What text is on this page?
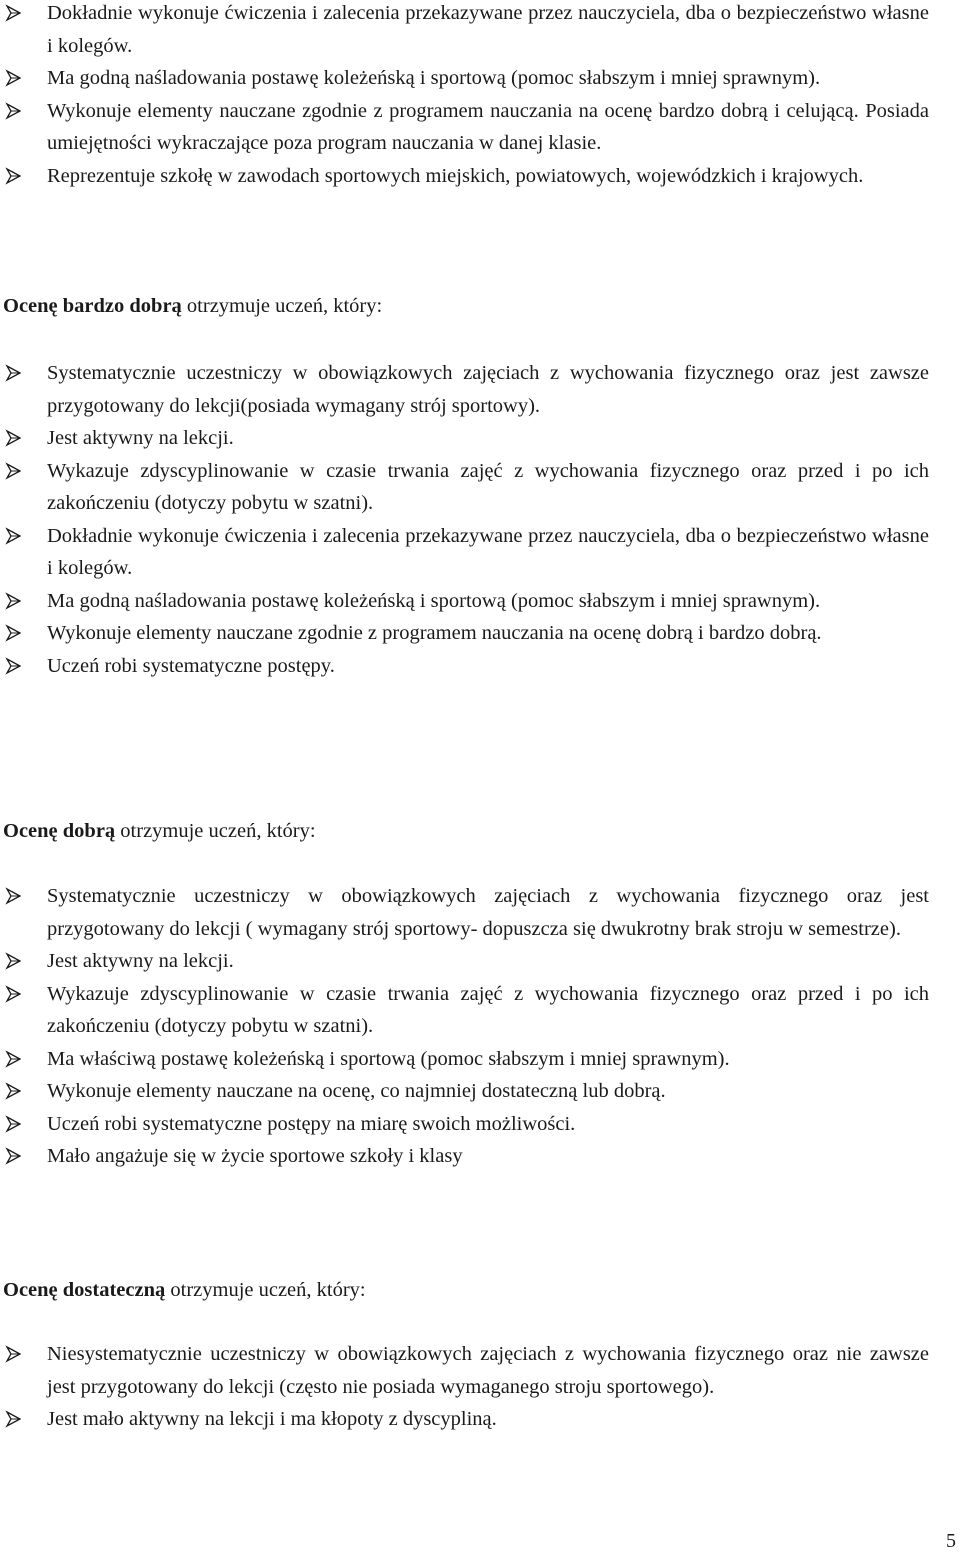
Dokładnie wykonuje ćwiczenia i zalecenia przekazywane przez nauczyciela, dba o bezpieczeństwo własne i kolegów.
Ma godną naśladowania postawę koleżeńską i sportową (pomoc słabszym i mniej sprawnym).
Wykonuje elementy nauczane zgodnie z programem nauczania na ocenę bardzo dobrą i celującą. Posiada umiejętności wykraczające poza program nauczania w danej klasie.
Reprezentuje szkołę w zawodach sportowych miejskich, powiatowych, wojewódzkich i krajowych.

Ocenę bardzo dobrą otrzymuje uczeń, który:

Systematycznie uczestniczy w obowiązkowych zajęciach z wychowania fizycznego oraz jest zawsze przygotowany do lekcji(posiada wymagany strój sportowy).
Jest aktywny na lekcji.
Wykazuje zdyscyplinowanie w czasie trwania zajęć z wychowania fizycznego oraz przed i po ich zakończeniu (dotyczy pobytu w szatni).
Dokładnie wykonuje ćwiczenia i zalecenia przekazywane przez nauczyciela, dba o bezpieczeństwo własne i kolegów.
Ma godną naśladowania postawę koleżeńską i sportową (pomoc słabszym i mniej sprawnym).
Wykonuje elementy nauczane zgodnie z programem nauczania na ocenę dobrą i bardzo dobrą.
Uczeń robi systematyczne postępy.

Ocenę dobrą otrzymuje uczeń, który:

Systematycznie uczestniczy w obowiązkowych zajęciach z wychowania fizycznego oraz jest przygotowany do lekcji ( wymagany strój sportowy- dopuszcza się dwukrotny brak stroju w semestrze).
Jest aktywny na lekcji.
Wykazuje zdyscyplinowanie w czasie trwania zajęć z wychowania fizycznego oraz przed i po ich zakończeniu (dotyczy pobytu w szatni).
Ma właściwą postawę koleżeńską i sportową (pomoc słabszym i mniej sprawnym).
Wykonuje elementy nauczane na ocenę, co najmniej dostateczną lub dobrą.
Uczeń robi systematyczne postępy na miarę swoich możliwości.
Mało angażuje się w życie sportowe szkoły i klasy

Ocenę dostateczną otrzymuje uczeń, który:

Niesystematycznie uczestniczy w obowiązkowych zajęciach z wychowania fizycznego oraz nie zawsze jest przygotowany do lekcji (często nie posiada wymaganego stroju sportowego).
Jest mało aktywny na lekcji i ma kłopoty z dyscypliną.
5
